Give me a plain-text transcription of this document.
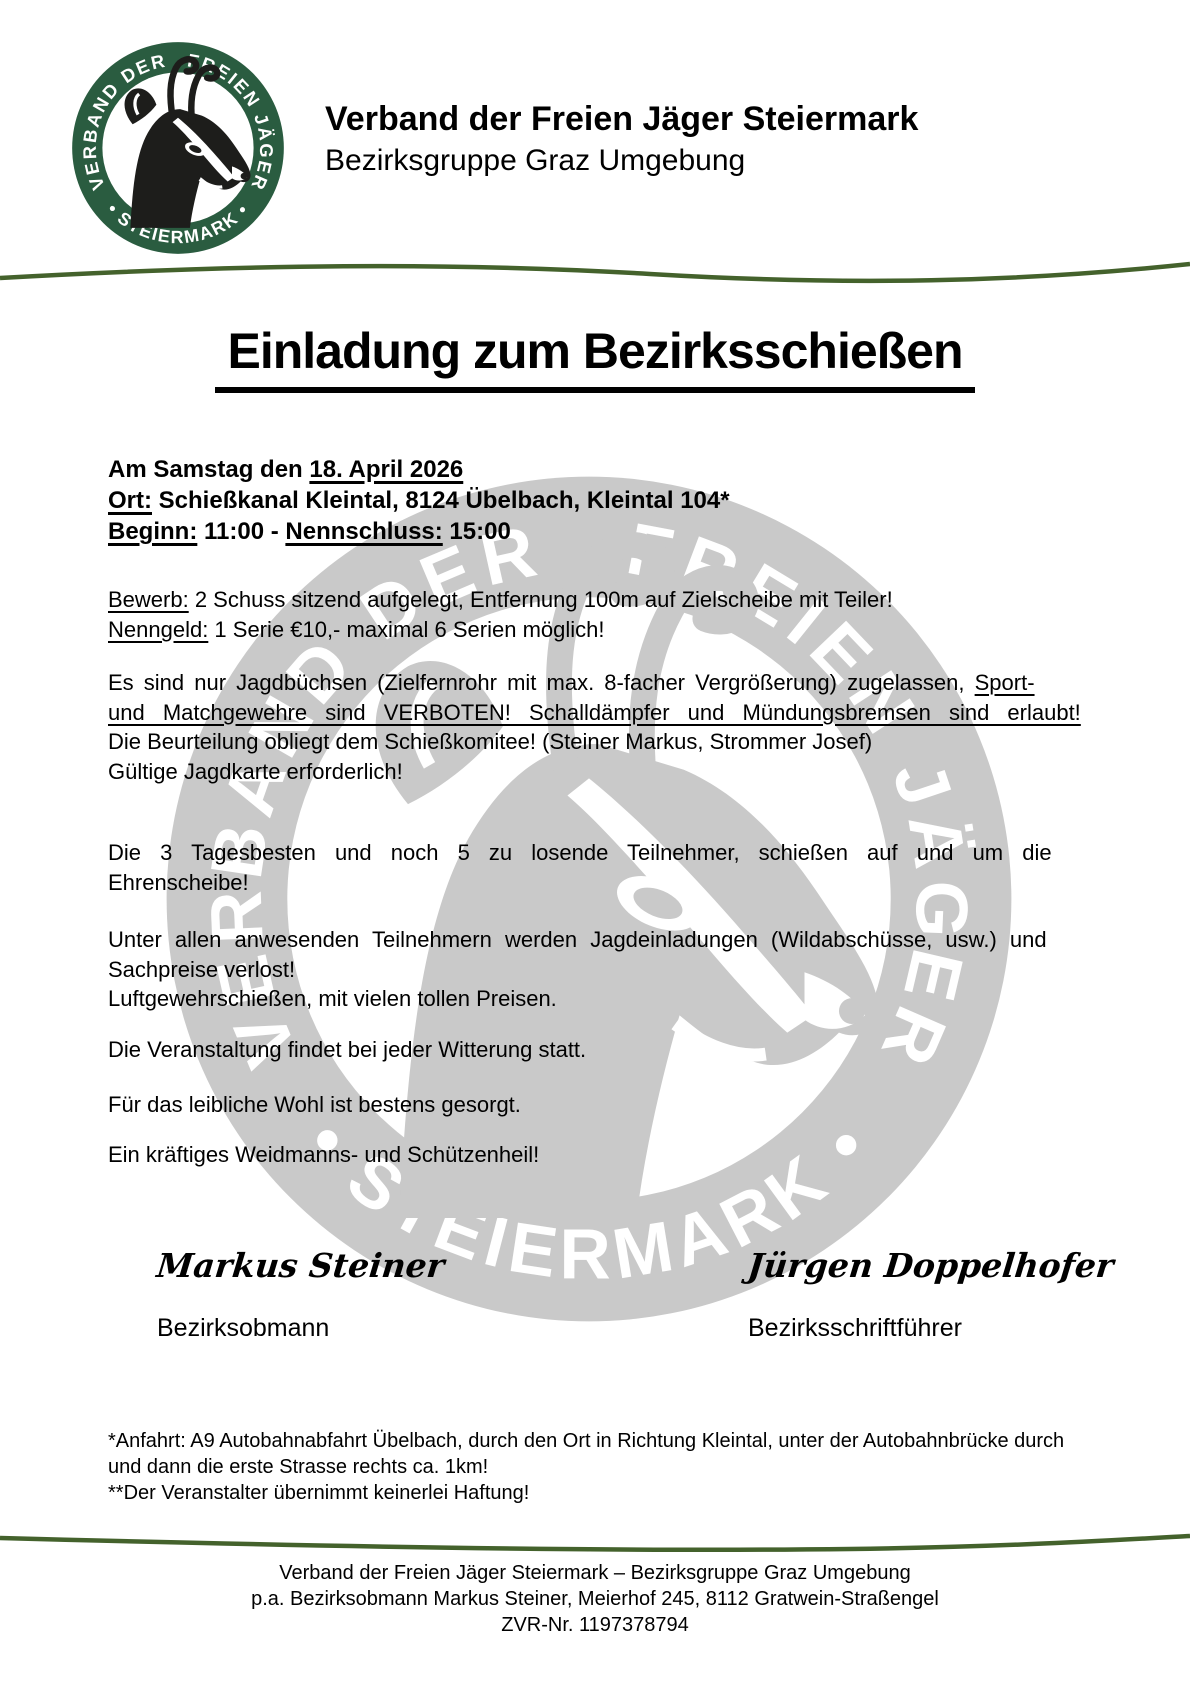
Verband der Freien Jäger Steiermark
Bezirksgruppe Graz Umgebung
Einladung zum Bezirksschießen
Am Samstag den 18. April 2026
Ort: Schießkanal Kleintal, 8124 Übelbach, Kleintal 104*
Beginn: 11:00 - Nennschluss: 15:00
Bewerb: 2 Schuss sitzend aufgelegt, Entfernung 100m auf Zielscheibe mit Teiler!
Nenngeld: 1 Serie €10,- maximal 6 Serien möglich!
Es sind nur Jagdbüchsen (Zielfernrohr mit max. 8-facher Vergrößerung) zugelassen, Sport-
und Matchgewehre sind VERBOTEN! Schalldämpfer und Mündungsbremsen sind erlaubt!
Die Beurteilung obliegt dem Schießkomitee! (Steiner Markus, Strommer Josef)
Gültige Jagdkarte erforderlich!
Die 3 Tagesbesten und noch 5 zu losende Teilnehmer, schießen auf und um die
Ehrenscheibe!
Unter allen anwesenden Teilnehmern werden Jagdeinladungen (Wildabschüsse, usw.) und
Sachpreise verlost!
Luftgewehrschießen, mit vielen tollen Preisen.
Die Veranstaltung findet bei jeder Witterung statt.
Für das leibliche Wohl ist bestens gesorgt.
Ein kräftiges Weidmanns- und Schützenheil!
Markus Steiner	Jürgen Doppelhofer
Bezirksobmann	Bezirksschriftführer
*Anfahrt: A9 Autobahnabfahrt Übelbach, durch den Ort in Richtung Kleintal, unter der Autobahnbrücke durch
und dann die erste Strasse rechts ca. 1km!
**Der Veranstalter übernimmt keinerlei Haftung!
Verband der Freien Jäger Steiermark – Bezirksgruppe Graz Umgebung
p.a. Bezirksobmann Markus Steiner, Meierhof 245, 8112 Gratwein-Straßengel
ZVR-Nr. 1197378794
